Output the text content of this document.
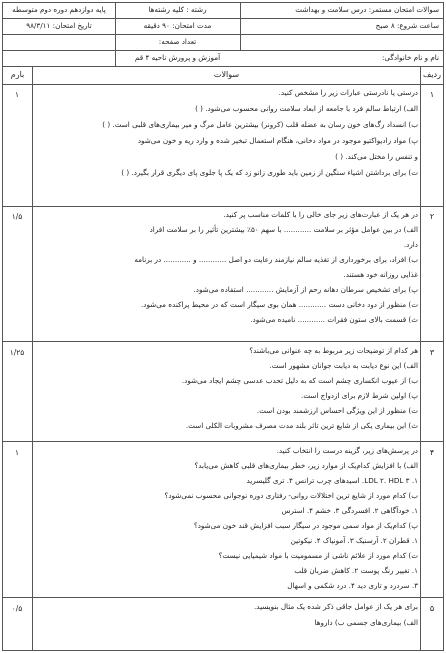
سوالات امتحان مستمر: درس سلامت و بهداشت
رشته : کلیه رشته‌ها
پایه دوازدهم دوره دوم متوسطه
ساعت شروع: ۸ صبح
مدت امتحان: ۹۰ دقیقه
تاریخ امتحان: ۹۸/۳/۱۱
تعداد صفحه:
نام و نام خانوادگی:
آموزش و پرورش ناحیه ۴ قم
ردیف
سوالات
بارم
۱
۱	درستی یا نادرستی عبارات زیر را مشخص کنید.
الف) ارتباط سالم فرد با جامعه از ابعاد سلامت روانی محسوب می‌شود. ( )
ب) انسداد رگ‌های خون رسان به عضله قلب (کرونر) بیشترین عامل مرگ و میر بیماری‌های قلبی است. ( )
پ) مواد رادیواکتیو موجود در مواد دخانی، هنگام استعمال تبخیر شده و وارد ریه و خون می‌شود
و تنفس را مختل می‌کند. ( )
ت) برای برداشتن اشیاء سنگین از زمین باید طوری زانو زد که یک پا جلوی پای دیگری قرار بگیرد. ( )
۲
۱/۵	در هر یک از عبارت‌های زیر جای خالی را با کلمات مناسب پر کنید.
الف) در بین عوامل مؤثر بر سلامت ............ با سهم ۵۰٪ بیشترین تأثیر را بر سلامت افراد
دارد.
ب) افراد، برای برخورداری از تغذیه سالم نیازمند رعایت دو اصل ............ و ............ در برنامه
غذایی روزانه خود هستند.
پ) برای تشخیص سرطان دهانه رحم از آزمایش ............ استفاده می‌شود.
ت) منظور از دود دخانی دست ............ همان بوی سیگار است که در محیط پراکنده می‌شود.
ث) قسمت بالای ستون فقرات ............ نامیده می‌شود.
۳
۱/۲۵	هر کدام از توضیحات زیر مربوط به چه عنوانی می‌باشند؟
الف) این نوع دیابت به دیابت جوانان مشهور است.
ب) از عیوب انکساری چشم است که به دلیل تحدب عدسی چشم ایجاد می‌شود.
پ) اولین شرط لازم برای ازدواج است.
ت) منظور از این ویژگی احساس ارزشمند بودن است.
ث) این بیماری یکی از شایع ترین تاثر بلند مدت مصرف مشروبات الکلی است.
۴
۱	در پرسش‌های زیر، گزینه درست را انتخاب کنید.
الف) با افزایش کدام‌یک از موارد زیر، خطر بیماری‌های قلبی کاهش می‌یابد؟
۱. LDL ۲. HDL ۳. اسیدهای چرب ترانس ۴. تری گلیسرید
ب) کدام مورد از شایع ترین اختلالات روانی- رفتاری دوره نوجوانی محسوب نمی‌شود؟
۱. خودآگاهی ۲. افسردگی ۳. خشم ۴. استرس
پ) کدام‌یک از مواد سمی موجود در سیگار سبب افزایش قند خون می‌شود؟
۱. قطران ۲. آرسنیک ۳. آمونیاک ۴. نیکوتین
ت) کدام مورد از علائم ناشی از مسمومیت با مواد شیمیایی نیست؟
۱. تغییر رنگ پوست ۲. کاهش ضربان قلب
۳. سردرد و تاری دید ۴. درد شکمی و اسهال
۵
۰/۵	برای هر یک از عوامل جاقی ذکر شده یک مثال بنویسید.
الف) بیماری‌های جسمی ب) داروها
